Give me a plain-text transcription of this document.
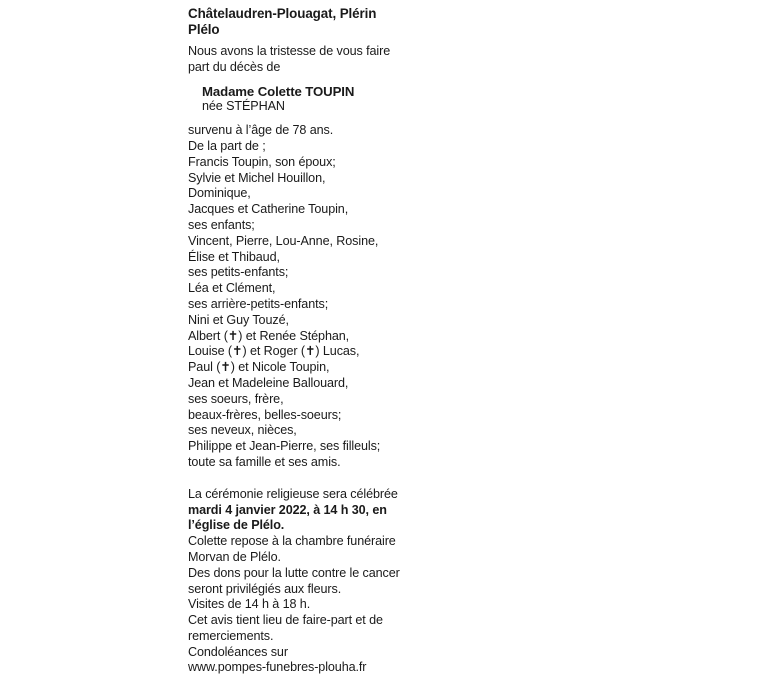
Châtelaudren-Plouagat, Plérin
Plélo
Nous avons la tristesse de vous faire
part du décès de
Madame Colette TOUPIN
née STÉPHAN
survenu à l’âge de 78 ans.
De la part de ;
Francis Toupin, son époux;
Sylvie et Michel Houillon,
Dominique,
Jacques et Catherine Toupin,
ses enfants;
Vincent, Pierre, Lou-Anne, Rosine,
Élise et Thibaud,
ses petits-enfants;
Léa et Clément,
ses arrière-petits-enfants;
Nini et Guy Touzé,
Albert (✝) et Renée Stéphan,
Louise (✝) et Roger (✝) Lucas,
Paul (✝) et Nicole Toupin,
Jean et Madeleine Ballouard,
ses soeurs, frère,
beaux-frères, belles-soeurs;
ses neveux, nièces,
Philippe et Jean-Pierre, ses filleuls;
toute sa famille et ses amis.
La cérémonie religieuse sera célébrée
mardi 4 janvier 2022, à 14 h 30, en
l’église de Plélo.
Colette repose à la chambre funéraire
Morvan de Plélo.
Des dons pour la lutte contre le cancer
seront privilégiés aux fleurs.
Visites de 14 h à 18 h.
Cet avis tient lieu de faire-part et de
remerciements.
Condoléances sur
www.pompes-funebres-plouha.fr
